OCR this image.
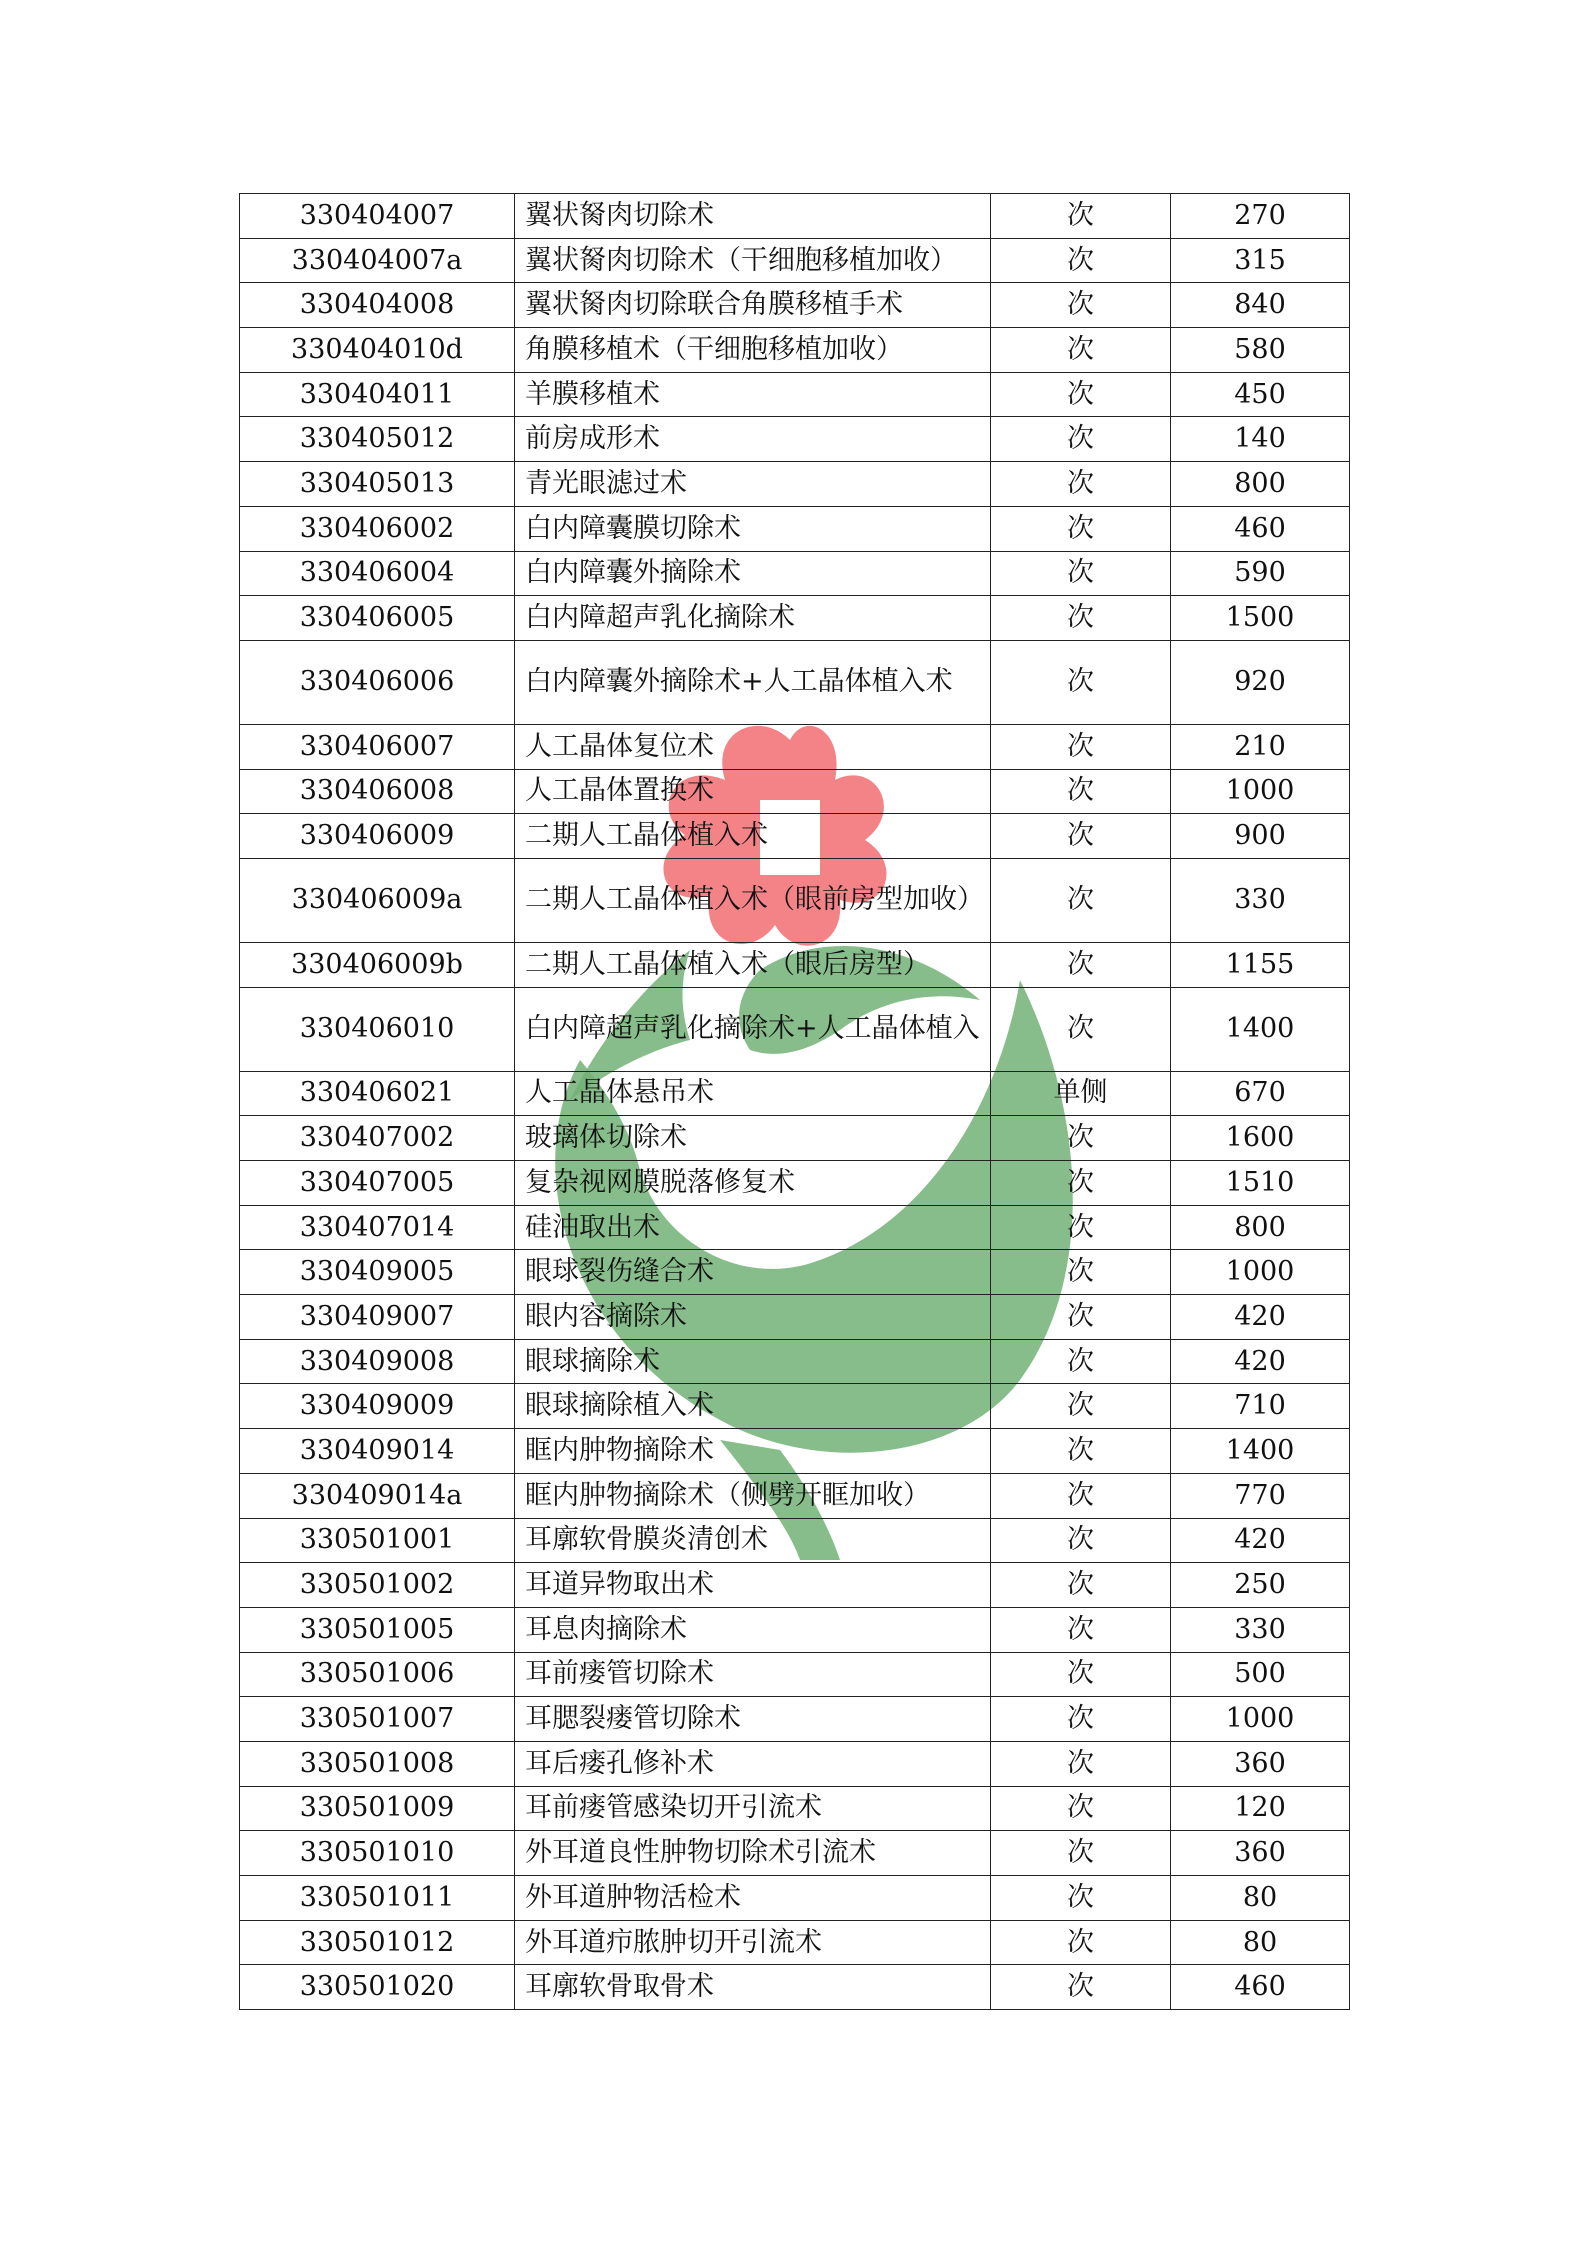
330404007	翼状胬肉切除术	次	270
330404007a	翼状胬肉切除术（干细胞移植加收）	次	315
330404008	翼状胬肉切除联合角膜移植手术	次	840
330404010d	角膜移植术（干细胞移植加收）	次	580
330404011	羊膜移植术	次	450
330405012	前房成形术	次	140
330405013	青光眼滤过术	次	800
330406002	白内障囊膜切除术	次	460
330406004	白内障囊外摘除术	次	590
330406005	白内障超声乳化摘除术	次	1500
330406006	白内障囊外摘除术+人工晶体植入术	次	920
330406007	人工晶体复位术	次	210
330406008	人工晶体置换术	次	1000
330406009	二期人工晶体植入术	次	900
330406009a	二期人工晶体植入术（眼前房型加收）	次	330
330406009b	二期人工晶体植入术（眼后房型）	次	1155
330406010	白内障超声乳化摘除术+人工晶体植入	次	1400
330406021	人工晶体悬吊术	单侧	670
330407002	玻璃体切除术	次	1600
330407005	复杂视网膜脱落修复术	次	1510
330407014	硅油取出术	次	800
330409005	眼球裂伤缝合术	次	1000
330409007	眼内容摘除术	次	420
330409008	眼球摘除术	次	420
330409009	眼球摘除植入术	次	710
330409014	眶内肿物摘除术	次	1400
330409014a	眶内肿物摘除术（侧劈开眶加收）	次	770
330501001	耳廓软骨膜炎清创术	次	420
330501002	耳道异物取出术	次	250
330501005	耳息肉摘除术	次	330
330501006	耳前瘘管切除术	次	500
330501007	耳腮裂瘘管切除术	次	1000
330501008	耳后瘘孔修补术	次	360
330501009	耳前瘘管感染切开引流术	次	120
330501010	外耳道良性肿物切除术引流术	次	360
330501011	外耳道肿物活检术	次	80
330501012	外耳道疖脓肿切开引流术	次	80
330501020	耳廓软骨取骨术	次	460
